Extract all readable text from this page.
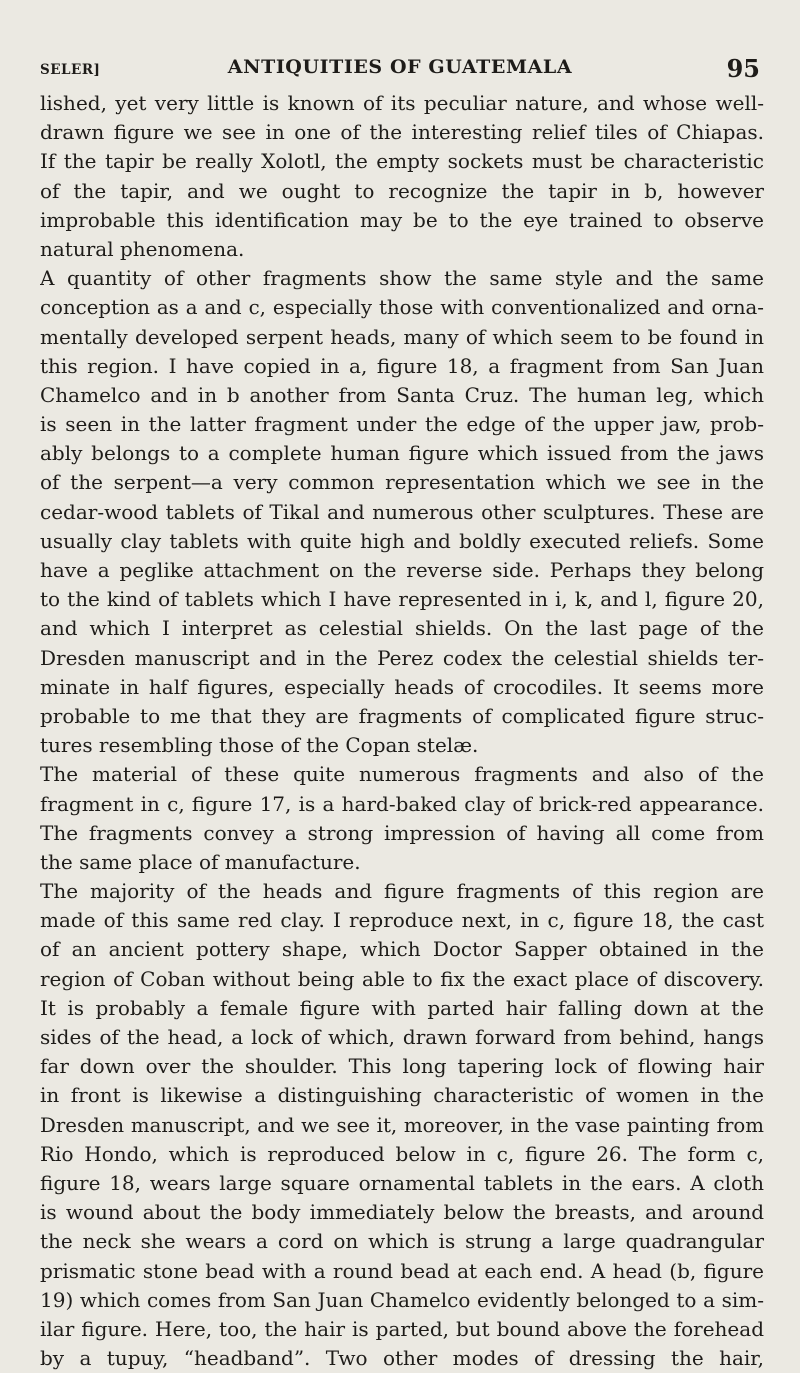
SELER]	ANTIQUITIES OF GUATEMALA	95
lished, yet very little is known of its peculiar nature, and whose well-
drawn figure we see in one of the interesting relief tiles of Chiapas.
If the tapir be really Xolotl, the empty sockets must be characteristic
of the tapir, and we ought to recognize the tapir in b, however
improbable this identification may be to the eye trained to observe
natural phenomena.
A quantity of other fragments show the same style and the same
conception as a and c, especially those with conventionalized and orna-
mentally developed serpent heads, many of which seem to be found in
this region. I have copied in a, figure 18, a fragment from San Juan
Chamelco and in b another from Santa Cruz. The human leg, which
is seen in the latter fragment under the edge of the upper jaw, prob-
ably belongs to a complete human figure which issued from the jaws
of the serpent—a very common representation which we see in the
cedar-wood tablets of Tikal and numerous other sculptures. These are
usually clay tablets with quite high and boldly executed reliefs. Some
have a peglike attachment on the reverse side. Perhaps they belong
to the kind of tablets which I have represented in i, k, and l, figure 20,
and which I interpret as celestial shields. On the last page of the
Dresden manuscript and in the Perez codex the celestial shields ter-
minate in half figures, especially heads of crocodiles. It seems more
probable to me that they are fragments of complicated figure struc-
tures resembling those of the Copan stelæ.
The material of these quite numerous fragments and also of the
fragment in c, figure 17, is a hard-baked clay of brick-red appearance.
The fragments convey a strong impression of having all come from
the same place of manufacture.
The majority of the heads and figure fragments of this region are
made of this same red clay. I reproduce next, in c, figure 18, the cast
of an ancient pottery shape, which Doctor Sapper obtained in the
region of Coban without being able to fix the exact place of discovery.
It is probably a female figure with parted hair falling down at the
sides of the head, a lock of which, drawn forward from behind, hangs
far down over the shoulder. This long tapering lock of flowing hair
in front is likewise a distinguishing characteristic of women in the
Dresden manuscript, and we see it, moreover, in the vase painting from
Rio Hondo, which is reproduced below in c, figure 26. The form c,
figure 18, wears large square ornamental tablets in the ears. A cloth
is wound about the body immediately below the breasts, and around
the neck she wears a cord on which is strung a large quadrangular
prismatic stone bead with a round bead at each end. A head (b, figure
19) which comes from San Juan Chamelco evidently belonged to a sim-
ilar figure. Here, too, the hair is parted, but bound above the forehead
by a tupuy, “headband”. Two other modes of dressing the hair,
